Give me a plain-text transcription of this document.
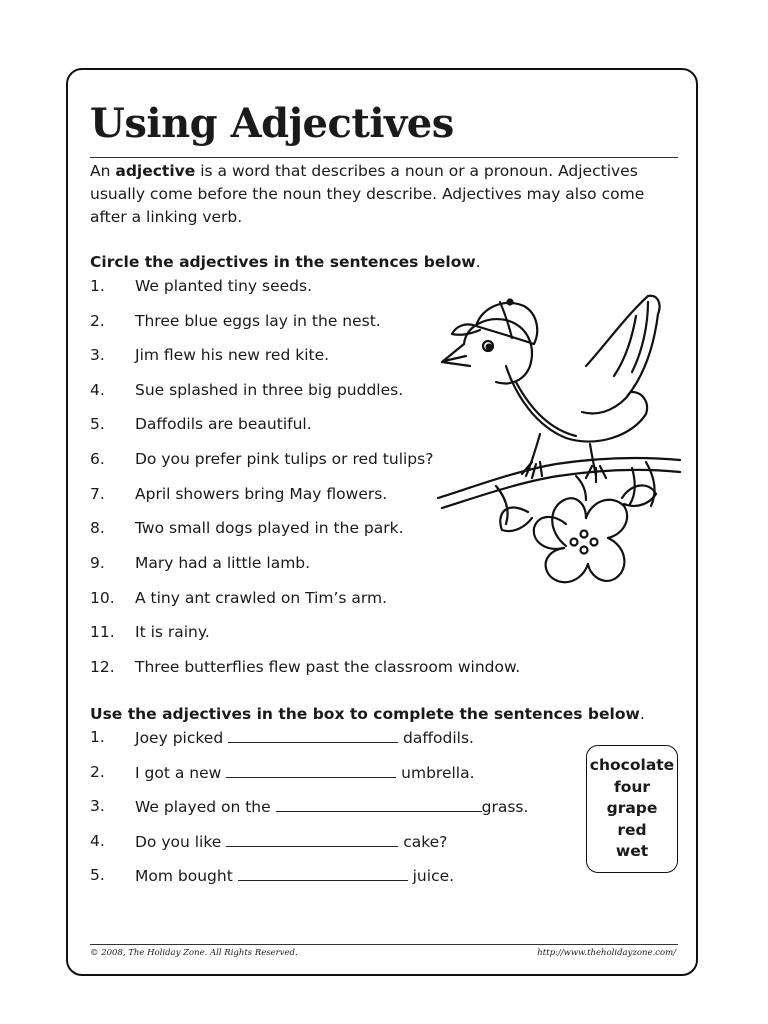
Using Adjectives

An adjective is a word that describes a noun or a pronoun. Adjectives
usually come before the noun they describe. Adjectives may also come
after a linking verb.

Circle the adjectives in the sentences below.

1. We planted tiny seeds.
2. Three blue eggs lay in the nest.
3. Jim flew his new red kite.
4. Sue splashed in three big puddles.
5. Daffodils are beautiful.
6. Do you prefer pink tulips or red tulips?
7. April showers bring May flowers.
8. Two small dogs played in the park.
9. Mary had a little lamb.
10. A tiny ant crawled on Tim’s arm.
11. It is rainy.
12. Three butterflies flew past the classroom window.

Use the adjectives in the box to complete the sentences below.

1. Joey picked	daffodils.
2. I got a new	umbrella.
3. We played on the	grass.
4. Do you like	cake?
5. Mom bought	juice.
chocolate
four
grape
red
wet
© 2008, The Holiday Zone. All Rights Reserved.	http://www.theholidayzone.com/
